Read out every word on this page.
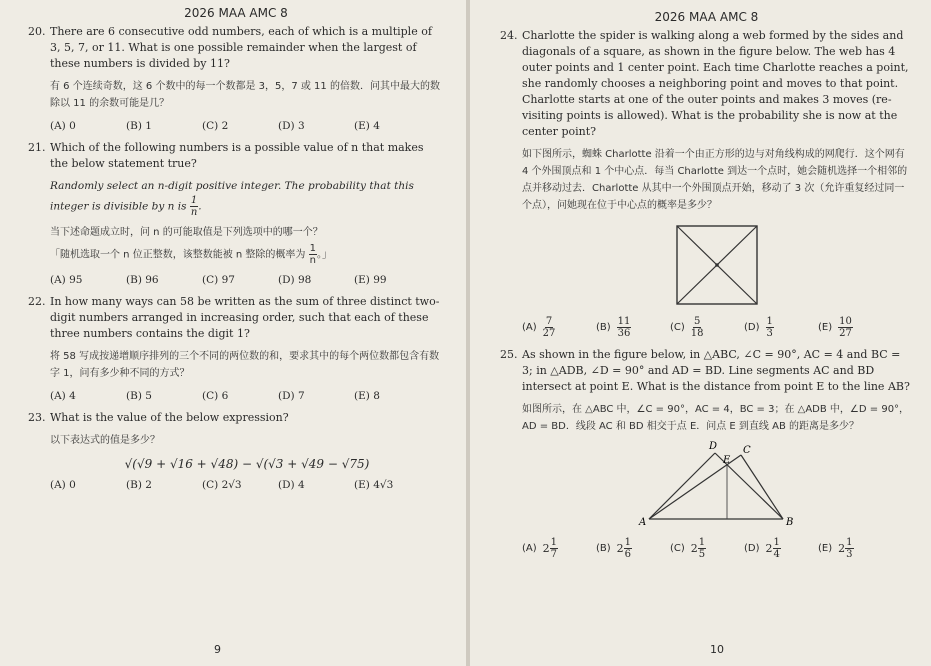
2026 MAA AMC 8
20. There are 6 consecutive odd numbers, each of which is a multiple of 3, 5, 7, or 11. What is one possible remainder when the largest of these numbers is divided by 11?

有 6 个连续奇数，这 6 个数中的每一个数都是 3，5，7 或 11 的倍数．问其中最大的数除以 11 的余数可能是几？

(A) 0	(B) 1	(C) 2	(D) 3	(E) 4
21. Which of the following numbers is a possible value of n that makes the below statement true?

Randomly select an n-digit positive integer. The probability that this integer is divisible by n is $\frac{1}{n}$ .

当下述命题成立时，问 n 的可能取值是下列选项中的哪一个？

「随机选取一个 n 位正整数，该整数能被 n 整除的概率为 $\frac{1}{n}$ 。」

(A) 95	(B) 96	(C) 97	(D) 98	(E) 99
22. In how many ways can 58 be written as the sum of three distinct two-digit numbers arranged in increasing order, such that each of these three numbers contains the digit 1?

将 58 写成按递增顺序排列的三个不同的两位数的和，要求其中的每个两位数都包含有数字 1，问有多少种不同的方式？

(A) 4	(B) 5	(C) 6	(D) 7	(E) 8
23. What is the value of the below expression?

以下表达式的值是多少？

√(√9 + √16 + √48) − √(√3 + √49 − √75)
(A) 0	(B) 2	(C) 2√3	(D) 4	(E) 4√3
9
2026 MAA AMC 8
24. Charlotte the spider is walking along a web formed by the sides and diagonals of a square, as shown in the figure below. The web has 4 outer points and 1 center point. Each time Charlotte reaches a point, she randomly chooses a neighboring point and moves to that point. Charlotte starts at one of the outer points and makes 3 moves (re-visiting points is allowed). What is the probability she is now at the center point?

如下图所示，蜘蛛 Charlotte 沿着一个由正方形的边与对角线构成的网爬行．这个网有 4 个外围顶点和 1 个中心点．每当 Charlotte 到达一个点时，她会随机选择一个相邻的点并移动过去．Charlotte 从其中一个外围顶点开始，移动了 3 次（允许重复经过同一个点），问她现在位于中心点的概率是多少？

$(A) \frac{7}{27}$	$(B) \frac{11}{36}$	$(C) \frac{5}{18}$	$(D) \frac{1}{3}$	$(E) \frac{10}{27}$
25. As shown in the figure below, in △ABC, ∠C = 90°, AC = 4 and BC = 3; in △ADB, ∠D = 90° and AD = BD. Line segments AC and BD intersect at point E. What is the distance from point E to the line AB?

如图所示，在 △ABC 中，∠C = 90°，AC = 4，BC = 3；在 △ADB 中，∠D = 90°，AD = BD．线段 AC 和 BD 相交于点 E．问点 E 到直线 AB 的距离是多少？

A	B
C
D
E
(A) $2 \frac{1}{7}$	(B) $2 \frac{1}{6}$	(C) $2 \frac{1}{5}$	(D) $2 \frac{1}{4}$	(E) $2 \frac{1}{3}$
10
